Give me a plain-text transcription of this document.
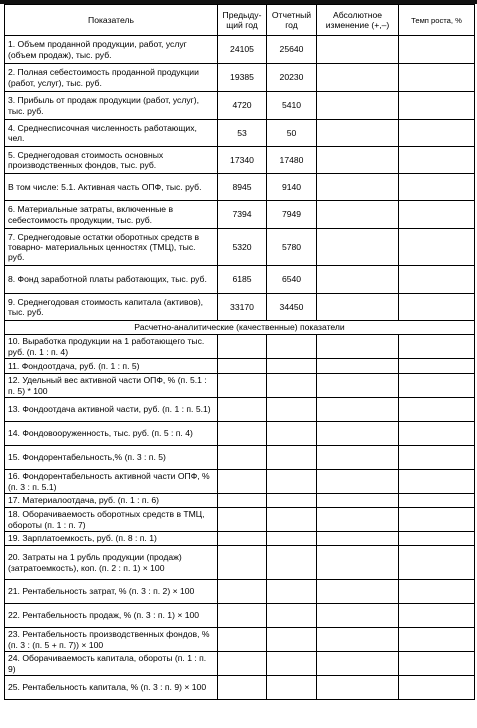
Показатель	Предыду-щий год	Отчетный год	Абсолютное изменение (+,–)	Темп роста, %
1. Объем проданной продукции, работ, услуг (объем продаж), тыс. руб.	24105	25640		
2. Полная себестоимость проданной продукции (работ, услуг), тыс. руб.	19385	20230		
3. Прибыль от продаж продукции (работ, услуг), тыс. руб.	4720	5410		
4. Среднесписочная численность работающих, чел.	53	50		
5. Среднегодовая стоимость основных производственных фондов, тыс. руб.	17340	17480		
В том числе: 5.1. Активная часть ОПФ, тыс. руб.	8945	9140		
6. Материальные затраты, включенные в себестоимость продукции, тыс. руб.	7394	7949		
7. Среднегодовые остатки оборотных средств в товарно- материальных ценностях (ТМЦ), тыс. руб.	5320	5780		
8. Фонд заработной платы работающих, тыс. руб.	6185	6540		
9. Среднегодовая стоимость капитала (активов), тыс. руб.	33170	34450		
Расчетно-аналитические (качественные) показатели				
10. Выработка продукции на 1 работающего тыс. руб. (п. 1 : п. 4)				
11. Фондоотдача, руб. (п. 1 : п. 5)				
12. Удельный вес активной части ОПФ, % (п. 5.1 : п. 5) * 100				
13. Фондоотдача активной части, руб. (п. 1 : п. 5.1)				
14. Фондовооруженность, тыс. руб. (п. 5 : п. 4)				
15. Фондорентабельность,% (п. 3 : п. 5)				
16. Фондорентабельность активной части ОПФ, % (п. 3 : п. 5.1)				
17. Материалоотдача, руб. (п. 1 : п. 6)				
18. Оборачиваемость оборотных средств в ТМЦ, обороты (п. 1 : п. 7)				
19. Зарплатоемкость, руб. (п. 8 : п. 1)				
20. Затраты на 1 рубль продукции (продаж) (затратоемкость), коп. (п. 2 : п. 1) × 100				
21. Рентабельность затрат, % (п. 3 : п. 2) × 100				
22. Рентабельность продаж, % (п. 3 : п. 1) × 100				
23. Рентабельность производственных фондов, % (п. 3 : (п. 5 + п. 7)) × 100				
24. Оборачиваемость капитала, обороты (п. 1 : п. 9)				
25. Рентабельность капитала, % (п. 3 : п. 9) × 100				
